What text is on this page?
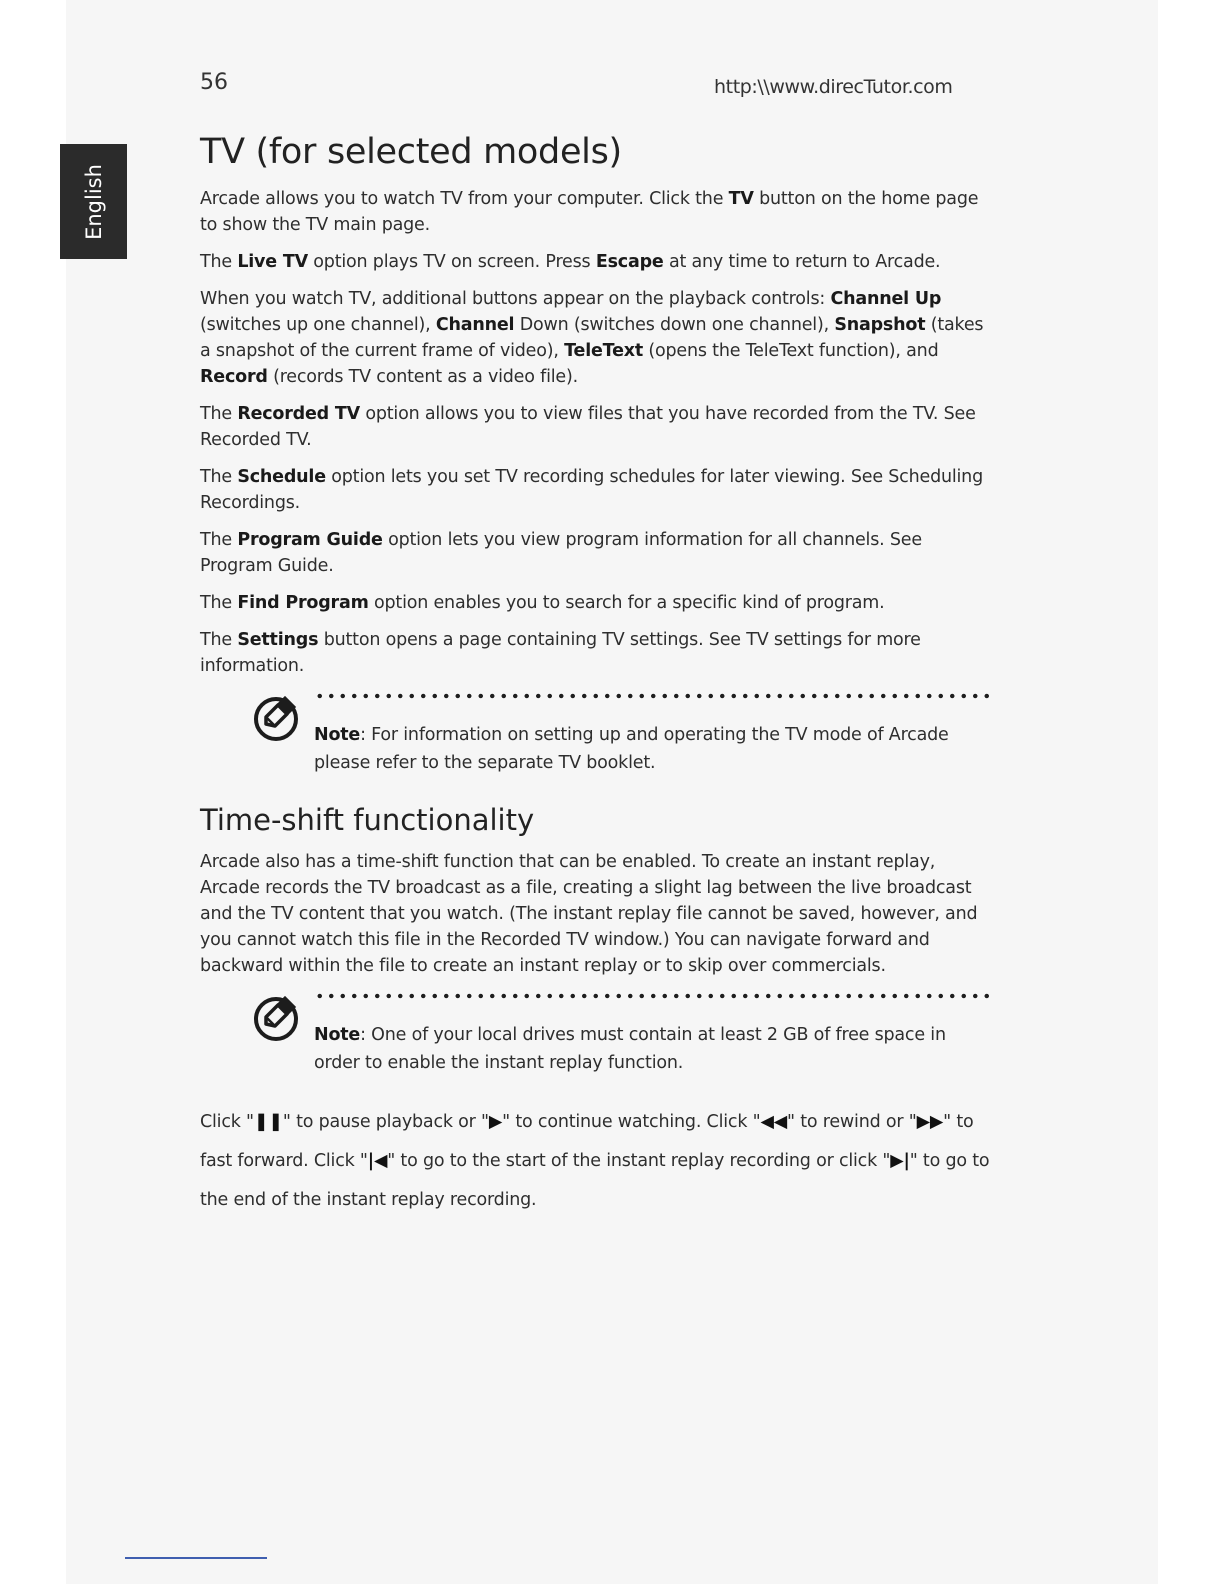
56	http:\\www.direcTutor.com
English
TV (for selected models)

Arcade allows you to watch TV from your computer. Click the TV button on the home page to show the TV main page.

The Live TV option plays TV on screen. Press Escape at any time to return to Arcade.

When you watch TV, additional buttons appear on the playback controls: Channel Up (switches up one channel), Channel Down (switches down one channel), Snapshot (takes a snapshot of the current frame of video), TeleText (opens the TeleText function), and Record (records TV content as a video file).

The Recorded TV option allows you to view files that you have recorded from the TV. See Recorded TV.

The Schedule option lets you set TV recording schedules for later viewing. See Scheduling Recordings.

The Program Guide option lets you view program information for all channels. See Program Guide.

The Find Program option enables you to search for a specific kind of program.

The Settings button opens a page containing TV settings. See TV settings for more information.

Note: For information on setting up and operating the TV mode of Arcade please refer to the separate TV booklet.

Time-shift functionality

Arcade also has a time-shift function that can be enabled. To create an instant replay, Arcade records the TV broadcast as a file, creating a slight lag between the live broadcast and the TV content that you watch. (The instant replay file cannot be saved, however, and you cannot watch this file in the Recorded TV window.) You can navigate forward and backward within the file to create an instant replay or to skip over commercials.

Note: One of your local drives must contain at least 2 GB of free space in order to enable the instant replay function.

Click "❚❚" to pause playback or "▶" to continue watching. Click "◀◀" to rewind or "▶▶" to fast forward. Click "|◀" to go to the start of the instant replay recording or click "▶|" to go to the end of the instant replay recording.
